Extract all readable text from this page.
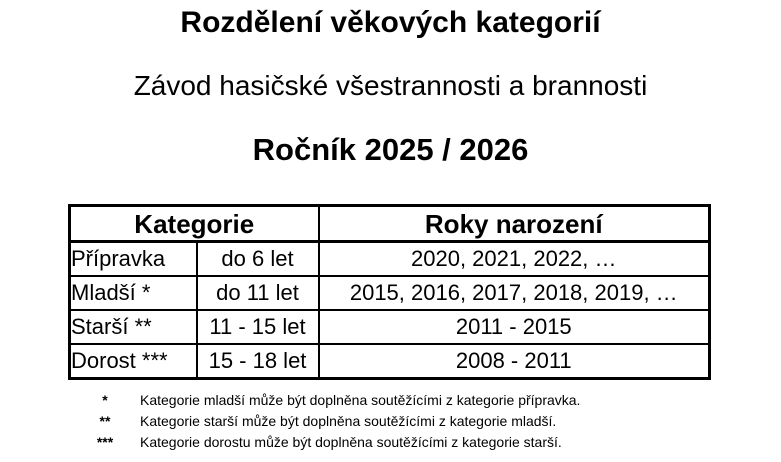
Rozdělení věkových kategorií
Závod hasičské všestrannosti a brannosti
Ročník 2025 / 2026
Kategorie		Roky narození
Přípravka	do 6 let	2020, 2021, 2022, …
Mladší *	do 11 let	2015, 2016, 2017, 2018, 2019, …
Starší **	11 - 15 let	2011 - 2015
Dorost ***	15 - 18 let	2008 - 2011
*	Kategorie mladší může být doplněna soutěžícími z kategorie přípravka.
**	Kategorie starší může být doplněna soutěžícími z kategorie mladší.
***	Kategorie dorostu může být doplněna soutěžícími z kategorie starší.
